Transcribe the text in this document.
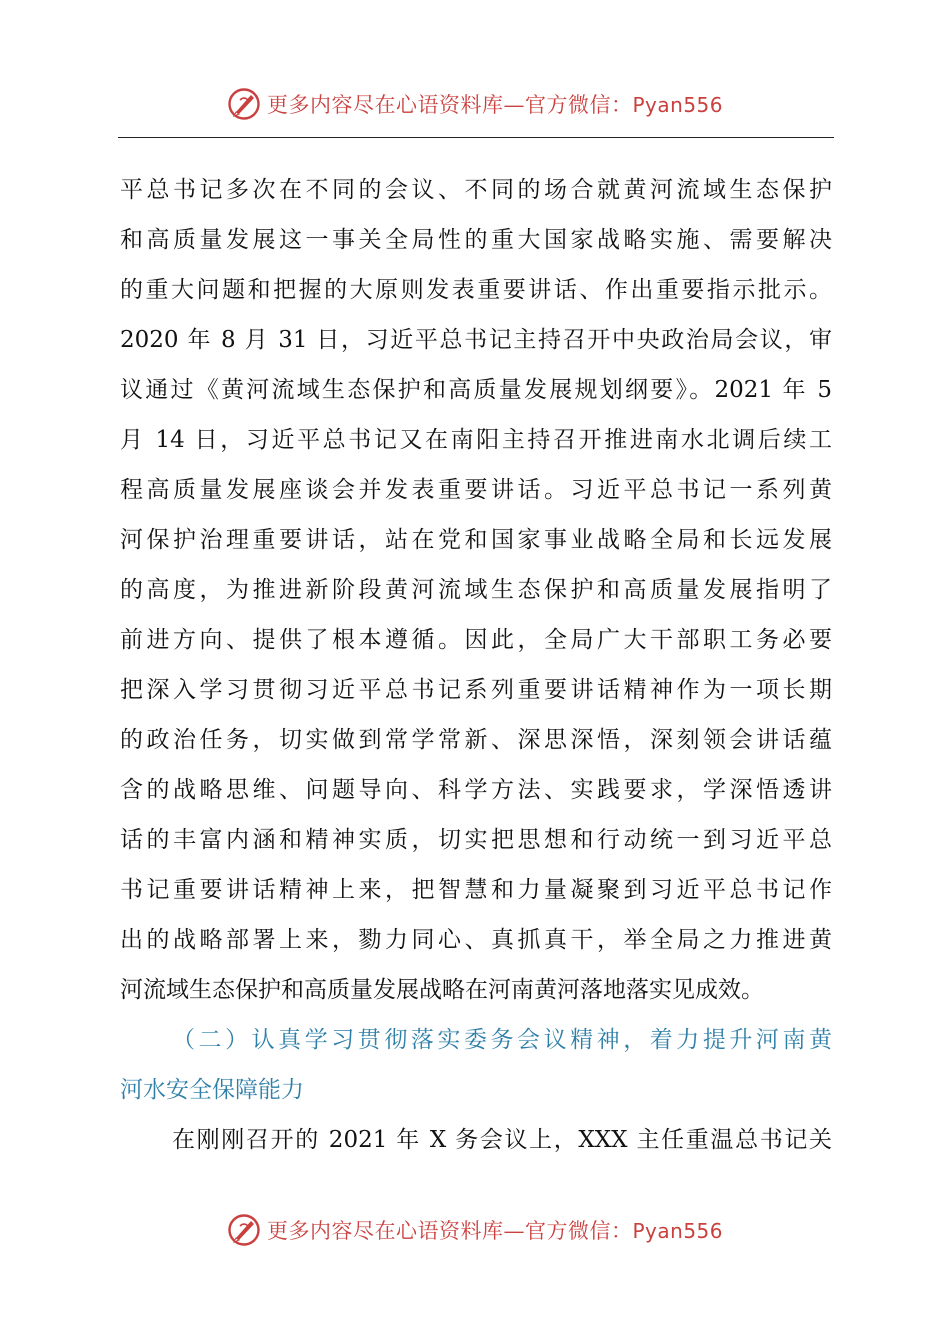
更多内容尽在心语资料库—官方微信：Pyan556
平总书记多次在不同的会议、不同的场合就黄河流域生态保护
和高质量发展这一事关全局性的重大国家战略实施、需要解决
的重大问题和把握的大原则发表重要讲话、作出重要指示批示。
2020 年 8 月 31 日，习近平总书记主持召开中央政治局会议，审
议通过《黄河流域生态保护和高质量发展规划纲要》。2021 年 5
月 14 日，习近平总书记又在南阳主持召开推进南水北调后续工
程高质量发展座谈会并发表重要讲话。习近平总书记一系列黄
河保护治理重要讲话，站在党和国家事业战略全局和长远发展
的高度，为推进新阶段黄河流域生态保护和高质量发展指明了
前进方向、提供了根本遵循。因此，全局广大干部职工务必要
把深入学习贯彻习近平总书记系列重要讲话精神作为一项长期
的政治任务，切实做到常学常新、深思深悟，深刻领会讲话蕴
含的战略思维、问题导向、科学方法、实践要求，学深悟透讲
话的丰富内涵和精神实质，切实把思想和行动统一到习近平总
书记重要讲话精神上来，把智慧和力量凝聚到习近平总书记作
出的战略部署上来，勠力同心、真抓真干，举全局之力推进黄
河流域生态保护和高质量发展战略在河南黄河落地落实见成效。
（二）认真学习贯彻落实委务会议精神，着力提升河南黄
河水安全保障能力
在刚刚召开的 2021 年 X 务会议上，XXX 主任重温总书记关
更多内容尽在心语资料库—官方微信：Pyan556
